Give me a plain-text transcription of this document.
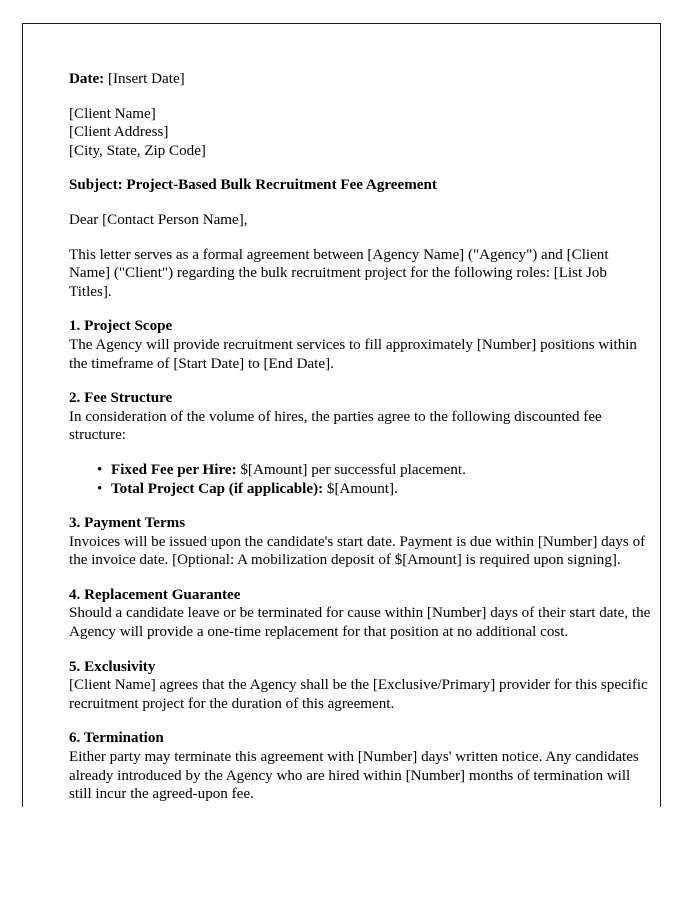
Date: [Insert Date]

[Client Name]
[Client Address]
[City, State, Zip Code]

Subject: Project-Based Bulk Recruitment Fee Agreement

Dear [Contact Person Name],

This letter serves as a formal agreement between [Agency Name] ("Agency") and [Client Name] ("Client") regarding the bulk recruitment project for the following roles: [List Job Titles].

1. Project Scope
The Agency will provide recruitment services to fill approximately [Number] positions within the timeframe of [Start Date] to [End Date].
2. Fee Structure
In consideration of the volume of hires, the parties agree to the following discounted fee structure:
• Fixed Fee per Hire: $[Amount] per successful placement.
• Total Project Cap (if applicable): $[Amount].
3. Payment Terms
Invoices will be issued upon the candidate's start date. Payment is due within [Number] days of the invoice date. [Optional: A mobilization deposit of $[Amount] is required upon signing].
4. Replacement Guarantee
Should a candidate leave or be terminated for cause within [Number] days of their start date, the Agency will provide a one-time replacement for that position at no additional cost.
5. Exclusivity
[Client Name] agrees that the Agency shall be the [Exclusive/Primary] provider for this specific recruitment project for the duration of this agreement.
6. Termination
Either party may terminate this agreement with [Number] days' written notice. Any candidates already introduced by the Agency who are hired within [Number] months of termination will still incur the agreed-upon fee.
